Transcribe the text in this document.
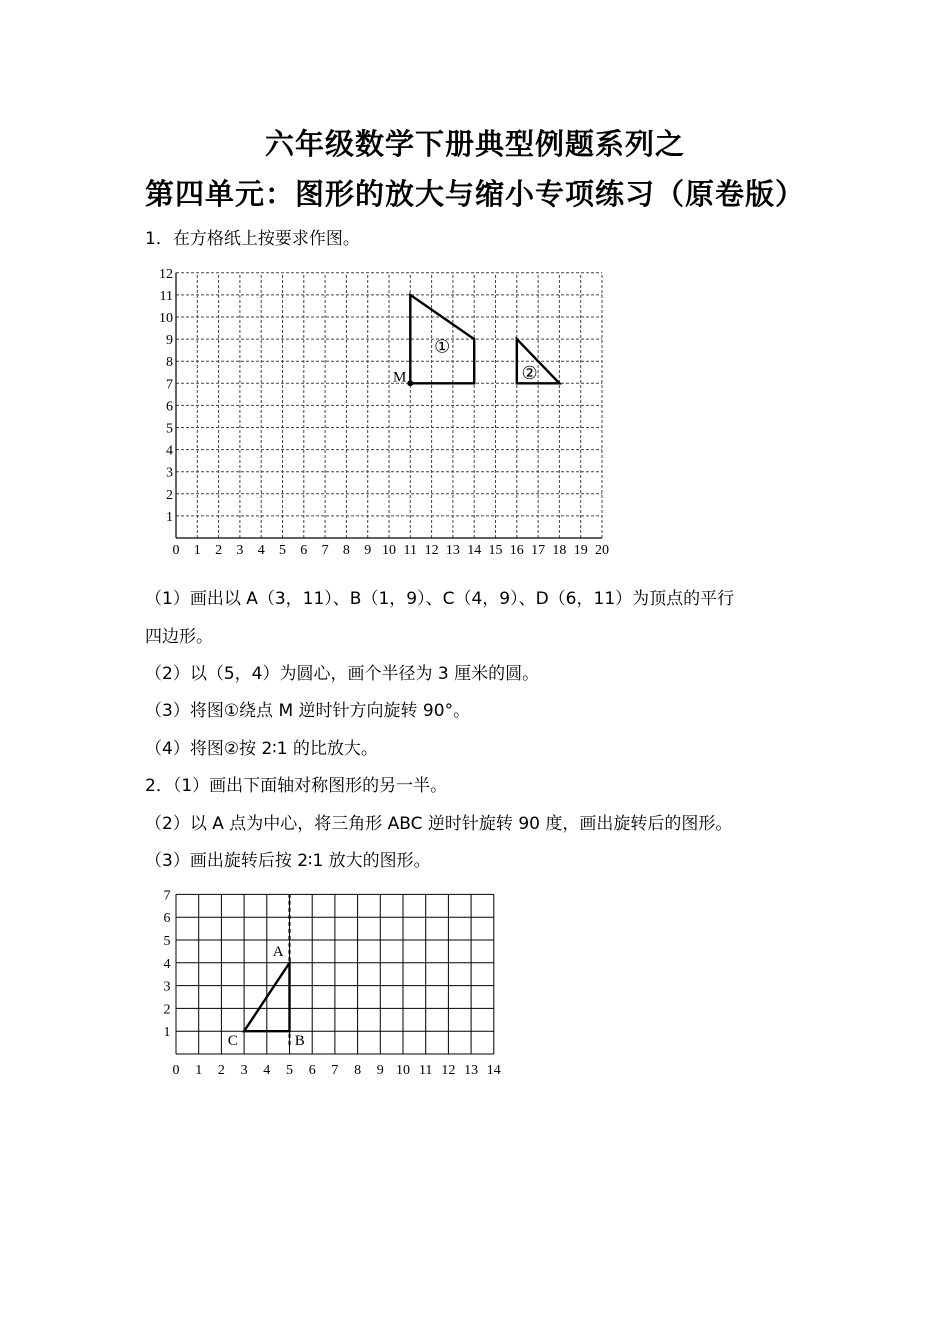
六年级数学下册典型例题系列之
第四单元：图形的放大与缩小专项练习（原卷版）
1．在方格纸上按要求作图。
0 1 2 3 4 5 6 7 8 9 10 11 12 13 14 15 16 17 18 19 20
1
2
3
4
5
6
7
8
9
10
11
12
M
①
②
（1）画出以 A（3，11）、B（1，9）、C（4，9）、D（6，11）为顶点的平行
四边形。
（2）以（5，4）为圆心，画个半径为 3 厘米的圆。
（3）将图①绕点 M 逆时针方向旋转 90°。
（4）将图②按 2∶1 的比放大。
2．（1）画出下面轴对称图形的另一半。
（2）以 A 点为中心，将三角形 ABC 逆时针旋转 90 度，画出旋转后的图形。
（3）画出旋转后按 2∶1 放大的图形。
0 1 2 3 4 5 6 7 8 9 10 11 12 13 14
1
2
3
4
5
6
7
A
B
C
